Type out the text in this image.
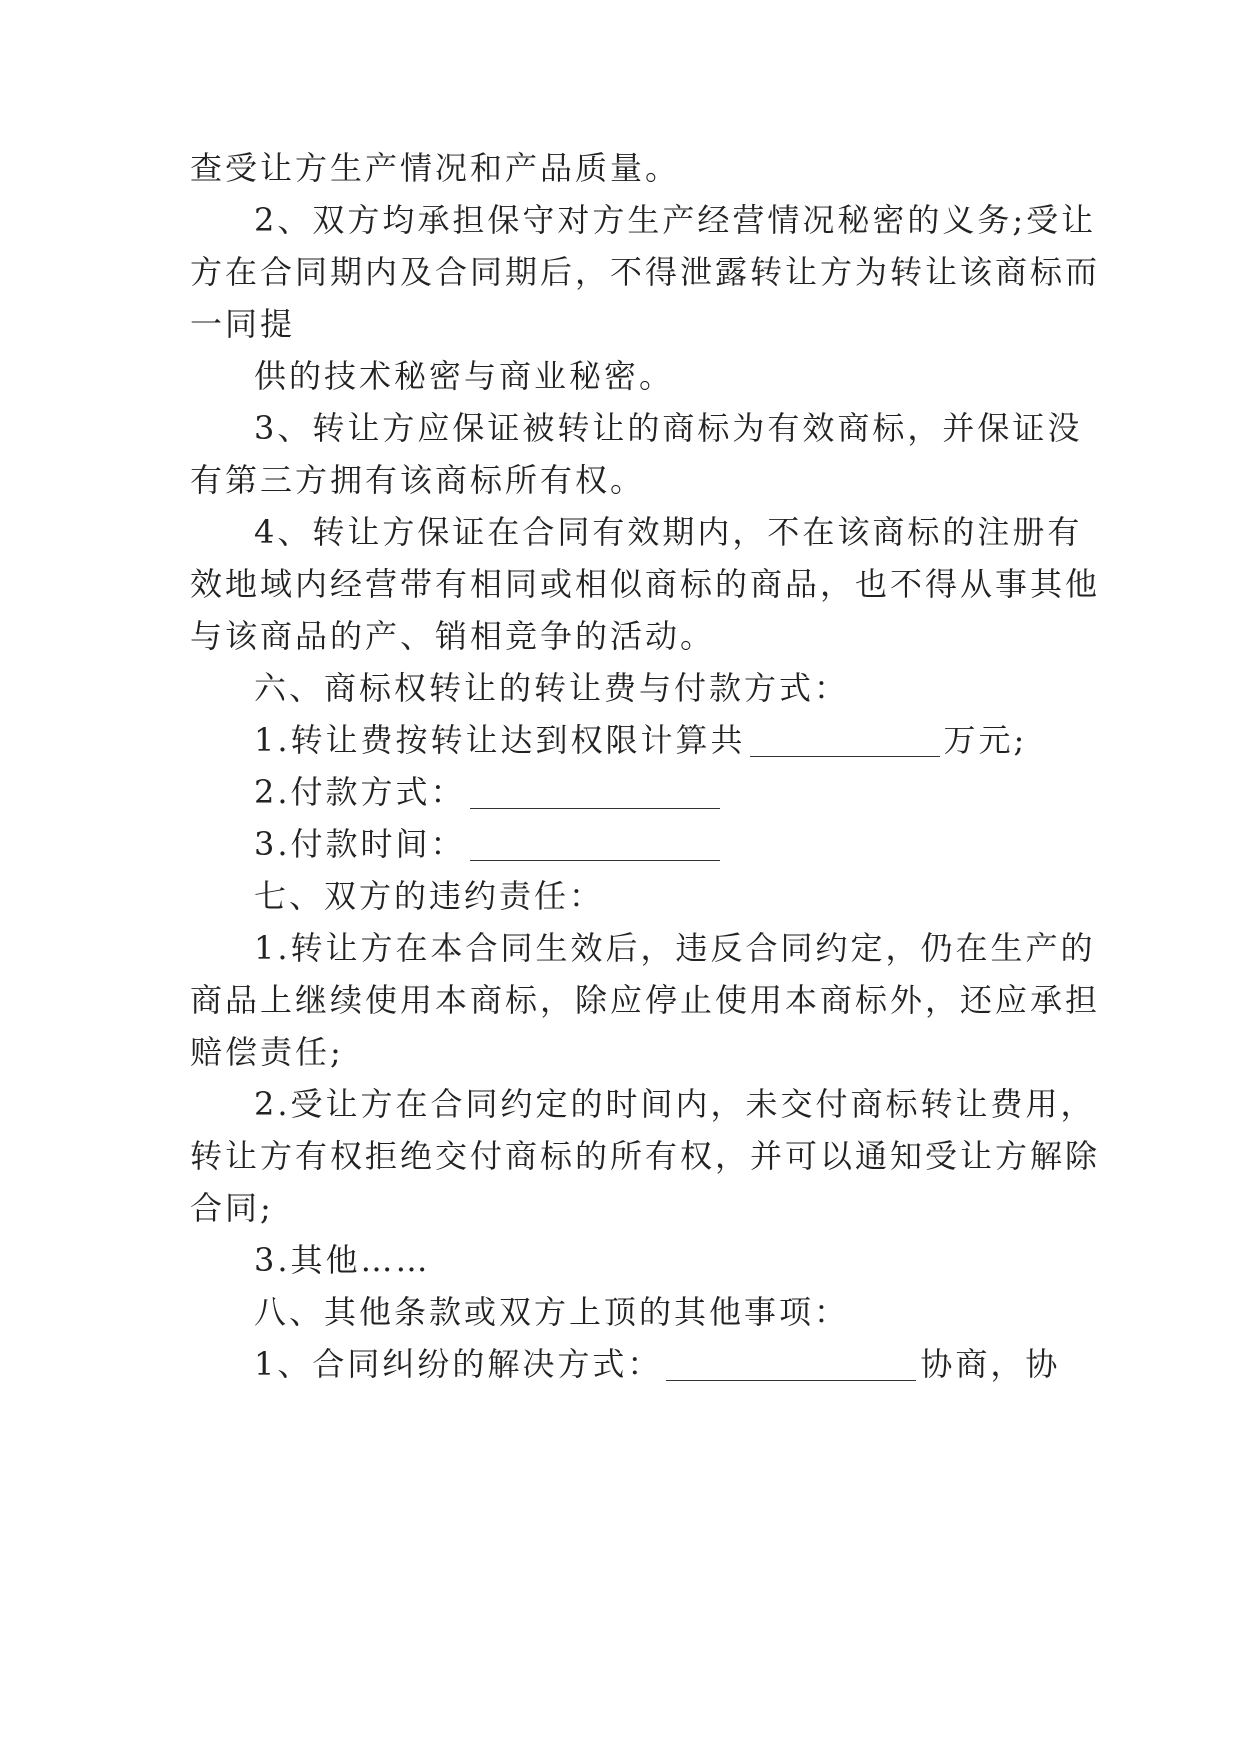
查受让方生产情况和产品质量。
2、双方均承担保守对方生产经营情况秘密的义务;受让
方在合同期内及合同期后，不得泄露转让方为转让该商标而
一同提
供的技术秘密与商业秘密。
3、转让方应保证被转让的商标为有效商标，并保证没
有第三方拥有该商标所有权。
4、转让方保证在合同有效期内，不在该商标的注册有
效地域内经营带有相同或相似商标的商品，也不得从事其他
与该商品的产、销相竞争的活动。
六、商标权转让的转让费与付款方式：
1.转让费按转让达到权限计算共	万元;
2.付款方式：
3.付款时间：
七、双方的违约责任：
1.转让方在本合同生效后，违反合同约定，仍在生产的
商品上继续使用本商标，除应停止使用本商标外，还应承担
赔偿责任;
2.受让方在合同约定的时间内，未交付商标转让费用，
转让方有权拒绝交付商标的所有权，并可以通知受让方解除
合同;
3.其他……
八、其他条款或双方上顶的其他事项：
1、合同纠纷的解决方式：	协商，协
